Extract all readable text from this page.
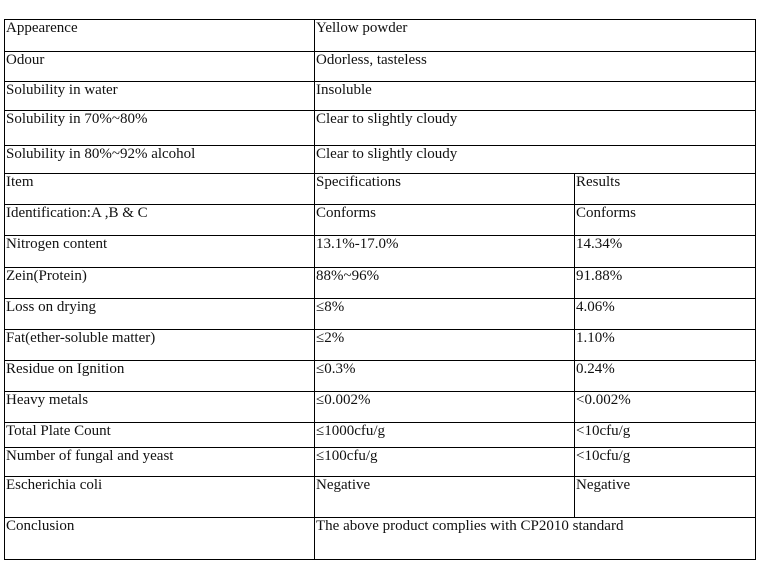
Appearence	Yellow powder	
Odour	Odorless, tasteless	
Solubility in water	Insoluble	
Solubility in 70%~80%	Clear to slightly cloudy	
Solubility in 80%~92% alcohol	Clear to slightly cloudy	
Item	Specifications	Results
Identification:A ,B & C	Conforms	Conforms
Nitrogen content	13.1%-17.0%	14.34%
Zein(Protein)	88%~96%	91.88%
Loss on drying	≤8%	4.06%
Fat(ether-soluble matter)	≤2%	1.10%
Residue on Ignition	≤0.3%	0.24%
Heavy metals	≤0.002%	<0.002%
Total Plate Count	≤1000cfu/g	<10cfu/g
Number of fungal and yeast	≤100cfu/g	<10cfu/g
Escherichia coli	Negative	Negative
Conclusion	The above product complies with CP2010 standard	
